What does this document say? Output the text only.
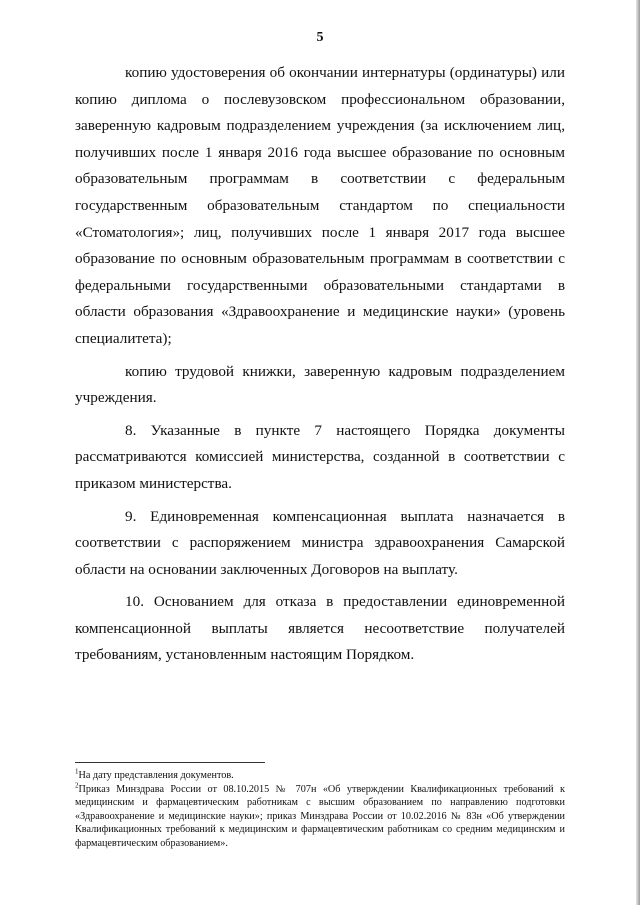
5

копию удостоверения об окончании интернатуры (ординатуры) или копию диплома о послевузовском профессиональном образовании, заверенную кадровым подразделением учреждения (за исключением лиц, получивших после 1 января 2016 года высшее образование по основным образовательным программам в соответствии с федеральным государственным образовательным стандартом по специальности «Стоматология»; лиц, получивших после 1 января 2017 года высшее образование по основным образовательным программам в соответствии с федеральными государственными образовательными стандартами в области образования «Здравоохранение и медицинские науки» (уровень специалитета);

копию трудовой книжки, заверенную кадровым подразделением учреждения.

8. Указанные в пункте 7 настоящего Порядка документы рассматриваются комиссией министерства, созданной в соответствии с приказом министерства.

9. Единовременная компенсационная выплата назначается в соответствии с распоряжением министра здравоохранения Самарской области на основании заключенных Договоров на выплату.

10. Основанием для отказа в предоставлении единовременной компенсационной выплаты является несоответствие получателей требованиям, установленным настоящим Порядком.

$^1$На дату представления документов.

$^2$Приказ Минздрава России от 08.10.2015 № 707н «Об утверждении Квалификационных требований к медицинским и фармацевтическим работникам с высшим образованием по направлению подготовки «Здравоохранение и медицинские науки»; приказ Минздрава России от 10.02.2016 № 83н «Об утверждении Квалификационных требований к медицинским и фармацевтическим работникам со средним медицинским и фармацевтическим образованием».
